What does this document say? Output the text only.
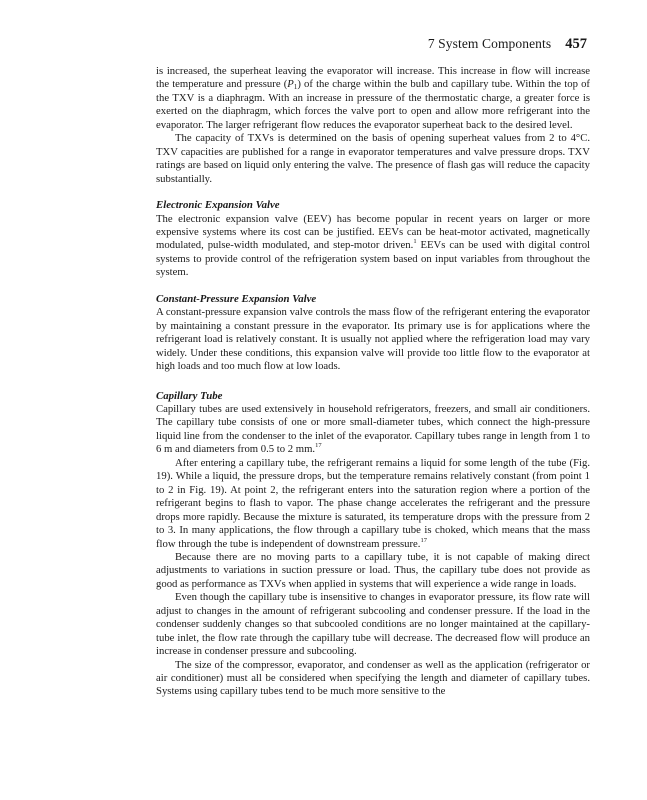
7 System Components 457

is increased, the superheat leaving the evaporator will increase. This increase in flow will increase the temperature and pressure $(P_1)$ of the charge within the bulb and capillary tube. Within the top of the TXV is a diaphragm. With an increase in pressure of the thermostatic charge, a greater force is exerted on the diaphragm, which forces the valve port to open and allow more refrigerant into the evaporator. The larger refrigerant flow reduces the evaporator superheat back to the desired level.

The capacity of TXVs is determined on the basis of opening superheat values from 2 to 4°C. TXV capacities are published for a range in evaporator temperatures and valve pressure drops. TXV ratings are based on liquid only entering the valve. The presence of flash gas will reduce the capacity substantially.

Electronic Expansion Valve

The electronic expansion valve (EEV) has become popular in recent years on larger or more expensive systems where its cost can be justified. EEVs can be heat-motor activated, magnetically modulated, pulse-width modulated, and step-motor driven.$^1$ EEVs can be used with digital control systems to provide control of the refrigeration system based on input variables from throughout the system.

Constant-Pressure Expansion Valve

A constant-pressure expansion valve controls the mass flow of the refrigerant entering the evaporator by maintaining a constant pressure in the evaporator. Its primary use is for applications where the refrigerant load is relatively constant. It is usually not applied where the refrigeration load may vary widely. Under these conditions, this expansion valve will provide too little flow to the evaporator at high loads and too much flow at low loads.

Capillary Tube

Capillary tubes are used extensively in household refrigerators, freezers, and small air conditioners. The capillary tube consists of one or more small-diameter tubes, which connect the high-pressure liquid line from the condenser to the inlet of the evaporator. Capillary tubes range in length from 1 to 6 m and diameters from 0.5 to 2 mm.$^{17}$

After entering a capillary tube, the refrigerant remains a liquid for some length of the tube (Fig. 19). While a liquid, the pressure drops, but the temperature remains relatively constant (from point 1 to 2 in Fig. 19). At point 2, the refrigerant enters into the saturation region where a portion of the refrigerant begins to flash to vapor. The phase change accelerates the refrigerant and the pressure drops more rapidly. Because the mixture is saturated, its temperature drops with the pressure from 2 to 3. In many applications, the flow through a capillary tube is choked, which means that the mass flow through the tube is independent of downstream pressure.$^{17}$

Because there are no moving parts to a capillary tube, it is not capable of making direct adjustments to variations in suction pressure or load. Thus, the capillary tube does not provide as good as performance as TXVs when applied in systems that will experience a wide range in loads.

Even though the capillary tube is insensitive to changes in evaporator pressure, its flow rate will adjust to changes in the amount of refrigerant subcooling and condenser pressure. If the load in the condenser suddenly changes so that subcooled conditions are no longer maintained at the capillary-tube inlet, the flow rate through the capillary tube will decrease. The decreased flow will produce an increase in condenser pressure and subcooling.

The size of the compressor, evaporator, and condenser as well as the application (refrigerator or air conditioner) must all be considered when specifying the length and diameter of capillary tubes. Systems using capillary tubes tend to be much more sensitive to the
